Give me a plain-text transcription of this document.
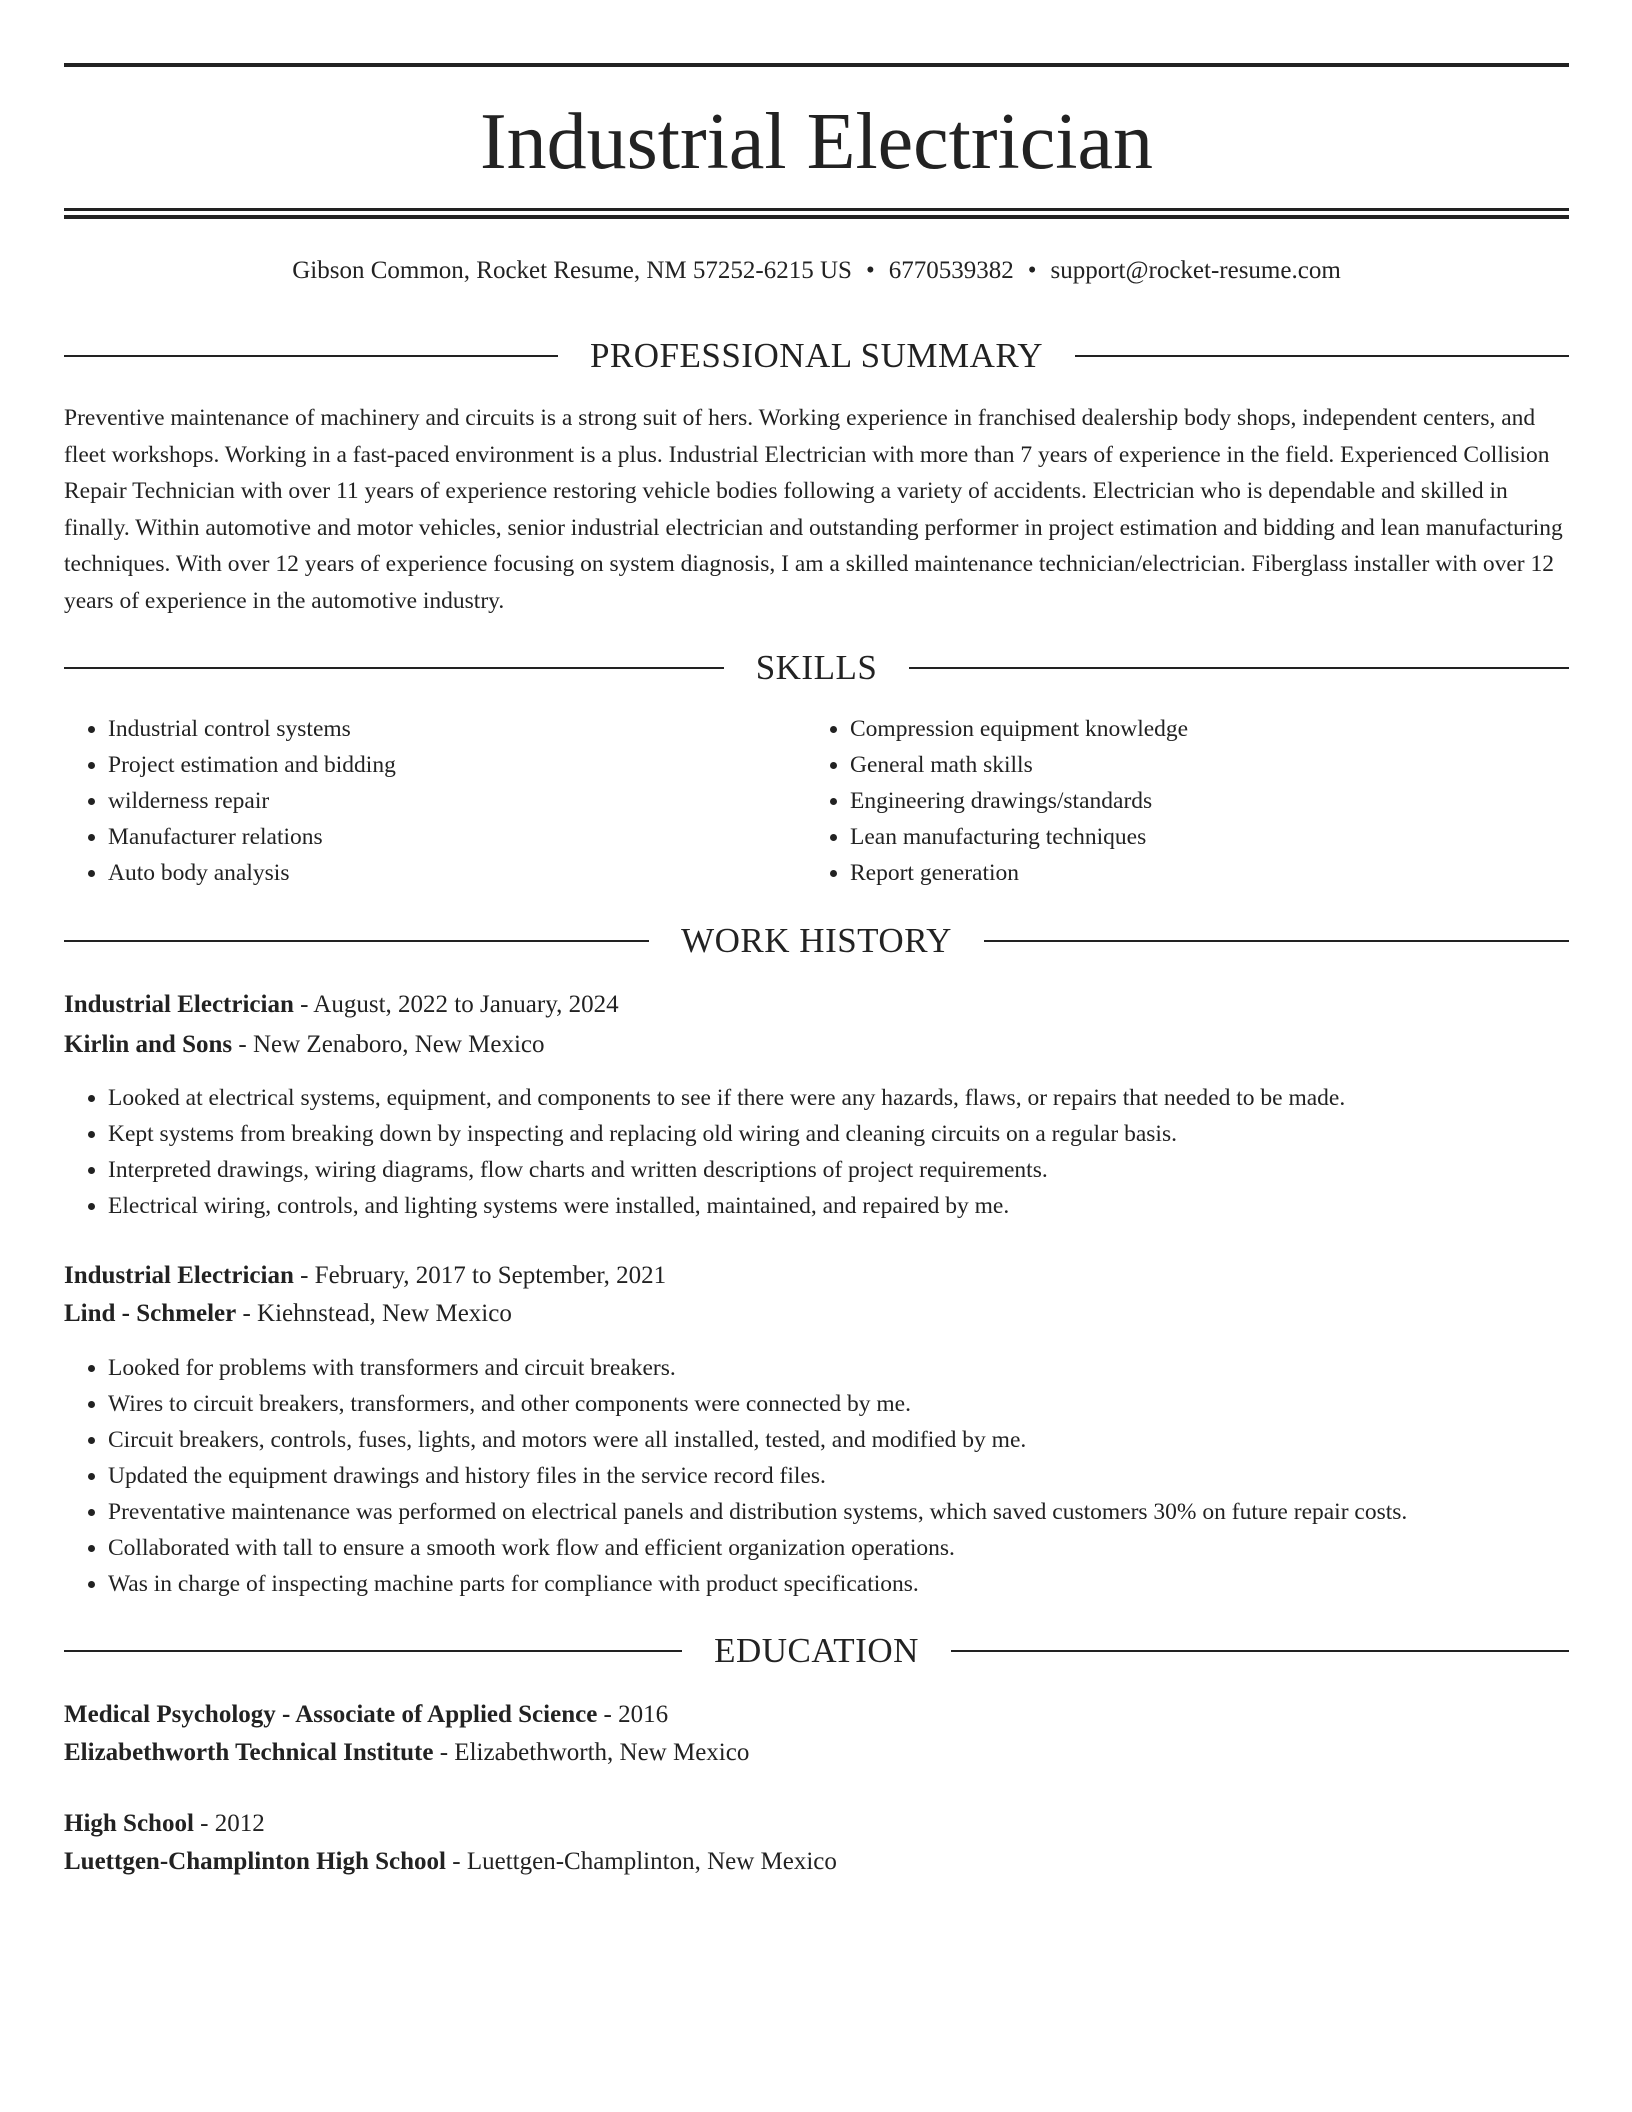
Industrial Electrician
Gibson Common, Rocket Resume, NM 57252-6215 US • 6770539382 • support@rocket-resume.com
PROFESSIONAL SUMMARY

Preventive maintenance of machinery and circuits is a strong suit of hers. Working experience in franchised dealership body shops, independent centers, and fleet workshops. Working in a fast-paced environment is a plus. Industrial Electrician with more than 7 years of experience in the field. Experienced Collision Repair Technician with over 11 years of experience restoring vehicle bodies following a variety of accidents. Electrician who is dependable and skilled in finally. Within automotive and motor vehicles, senior industrial electrician and outstanding performer in project estimation and bidding and lean manufacturing techniques. With over 12 years of experience focusing on system diagnosis, I am a skilled maintenance technician/electrician. Fiberglass installer with over 12 years of experience in the automotive industry.

SKILLS
• Industrial control systems
• Project estimation and bidding
• wilderness repair
• Manufacturer relations
• Auto body analysis
• Compression equipment knowledge
• General math skills
• Engineering drawings/standards
• Lean manufacturing techniques
• Report generation
WORK HISTORY
Industrial Electrician - August, 2022 to January, 2024
Kirlin and Sons - New Zenaboro, New Mexico
• Looked at electrical systems, equipment, and components to see if there were any hazards, flaws, or repairs that needed to be made.
• Kept systems from breaking down by inspecting and replacing old wiring and cleaning circuits on a regular basis.
• Interpreted drawings, wiring diagrams, flow charts and written descriptions of project requirements.
• Electrical wiring, controls, and lighting systems were installed, maintained, and repaired by me.
Industrial Electrician - February, 2017 to September, 2021
Lind - Schmeler - Kiehnstead, New Mexico
• Looked for problems with transformers and circuit breakers.
• Wires to circuit breakers, transformers, and other components were connected by me.
• Circuit breakers, controls, fuses, lights, and motors were all installed, tested, and modified by me.
• Updated the equipment drawings and history files in the service record files.
• Preventative maintenance was performed on electrical panels and distribution systems, which saved customers 30% on future repair costs.
• Collaborated with tall to ensure a smooth work flow and efficient organization operations.
• Was in charge of inspecting machine parts for compliance with product specifications.
EDUCATION
Medical Psychology - Associate of Applied Science - 2016
Elizabethworth Technical Institute - Elizabethworth, New Mexico
High School - 2012
Luettgen-Champlinton High School - Luettgen-Champlinton, New Mexico
